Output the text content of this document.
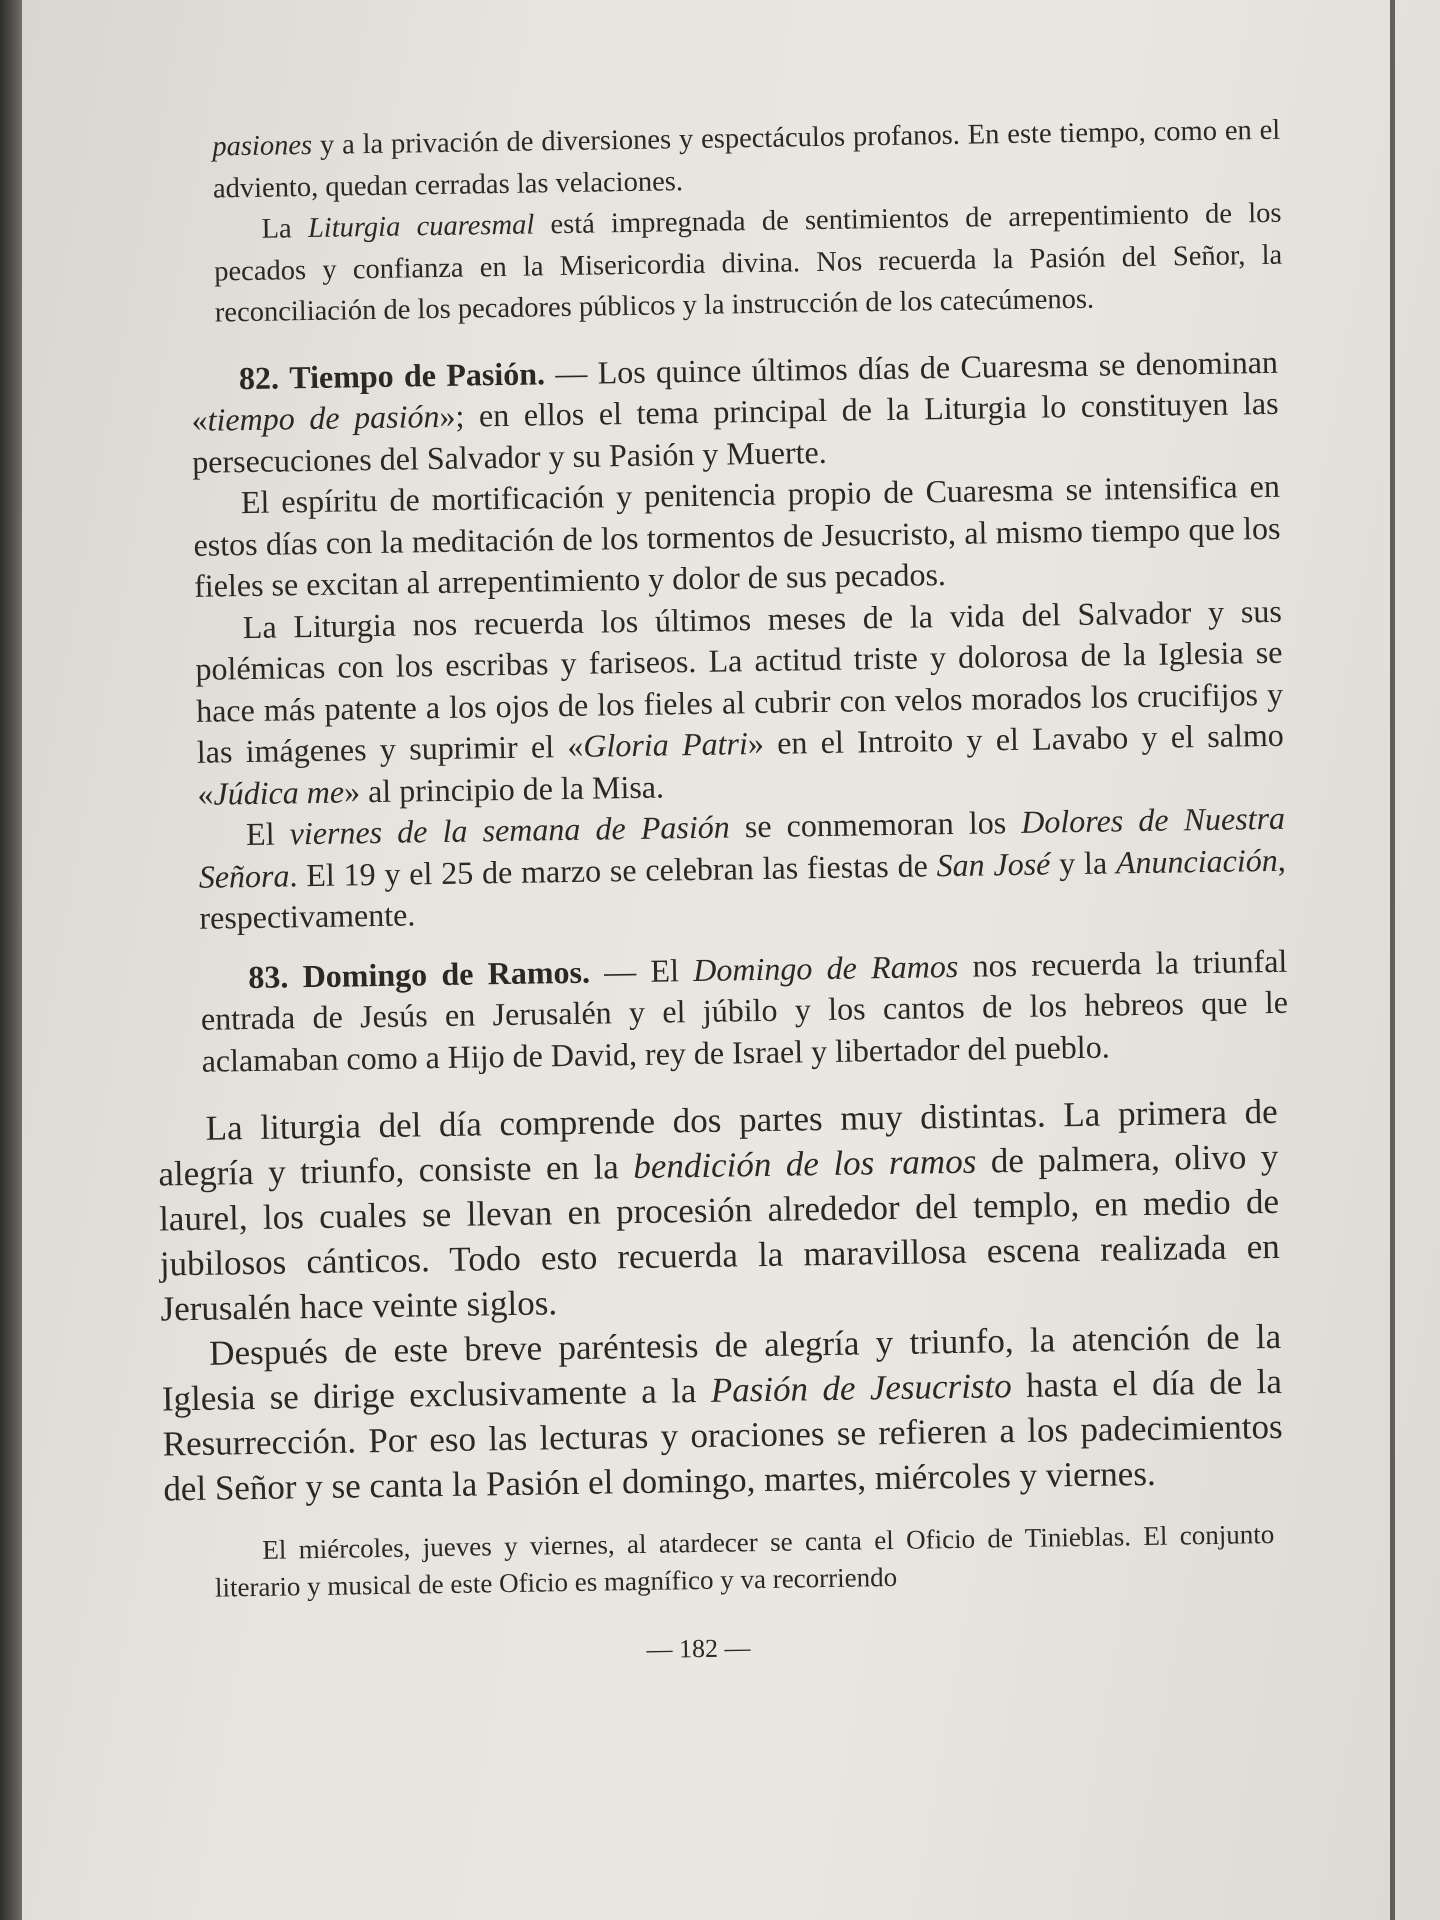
pasiones y a la privación de diversiones y espectáculos profanos. En este tiempo, como en el adviento, quedan cerradas las velaciones.

La Liturgia cuaresmal está impregnada de sentimientos de arrepentimiento de los pecados y confianza en la Misericordia divina. Nos recuerda la Pasión del Señor, la reconciliación de los pecadores públicos y la instrucción de los catecúmenos.

82. Tiempo de Pasión. — Los quince últimos días de Cuaresma se denominan «tiempo de pasión»; en ellos el tema principal de la Liturgia lo constituyen las persecuciones del Salvador y su Pasión y Muerte.

El espíritu de mortificación y penitencia propio de Cuaresma se intensifica en estos días con la meditación de los tormentos de Jesucristo, al mismo tiempo que los fieles se excitan al arrepentimiento y dolor de sus pecados.

La Liturgia nos recuerda los últimos meses de la vida del Salvador y sus polémicas con los escribas y fariseos. La actitud triste y dolorosa de la Iglesia se hace más patente a los ojos de los fieles al cubrir con velos morados los crucifijos y las imágenes y suprimir el «Gloria Patri» en el Introito y el Lavabo y el salmo «Júdica me» al principio de la Misa.

El viernes de la semana de Pasión se conmemoran los Dolores de Nuestra Señora. El 19 y el 25 de marzo se celebran las fiestas de San José y la Anunciación, respectivamente.

83. Domingo de Ramos. — El Domingo de Ramos nos recuerda la triunfal entrada de Jesús en Jerusalén y el júbilo y los cantos de los hebreos que le aclamaban como a Hijo de David, rey de Israel y libertador del pueblo.

La liturgia del día comprende dos partes muy distintas. La primera de alegría y triunfo, consiste en la bendición de los ramos de palmera, olivo y laurel, los cuales se llevan en procesión alrededor del templo, en medio de jubilosos cánticos. Todo esto recuerda la maravillosa escena realizada en Jerusalén hace veinte siglos.

Después de este breve paréntesis de alegría y triunfo, la atención de la Iglesia se dirige exclusivamente a la Pasión de Jesucristo hasta el día de la Resurrección. Por eso las lecturas y oraciones se refieren a los padecimientos del Señor y se canta la Pasión el domingo, martes, miércoles y viernes.

El miércoles, jueves y viernes, al atardecer se canta el Oficio de Tinieblas. El conjunto literario y musical de este Oficio es magnífico y va recorriendo

— 182 —
